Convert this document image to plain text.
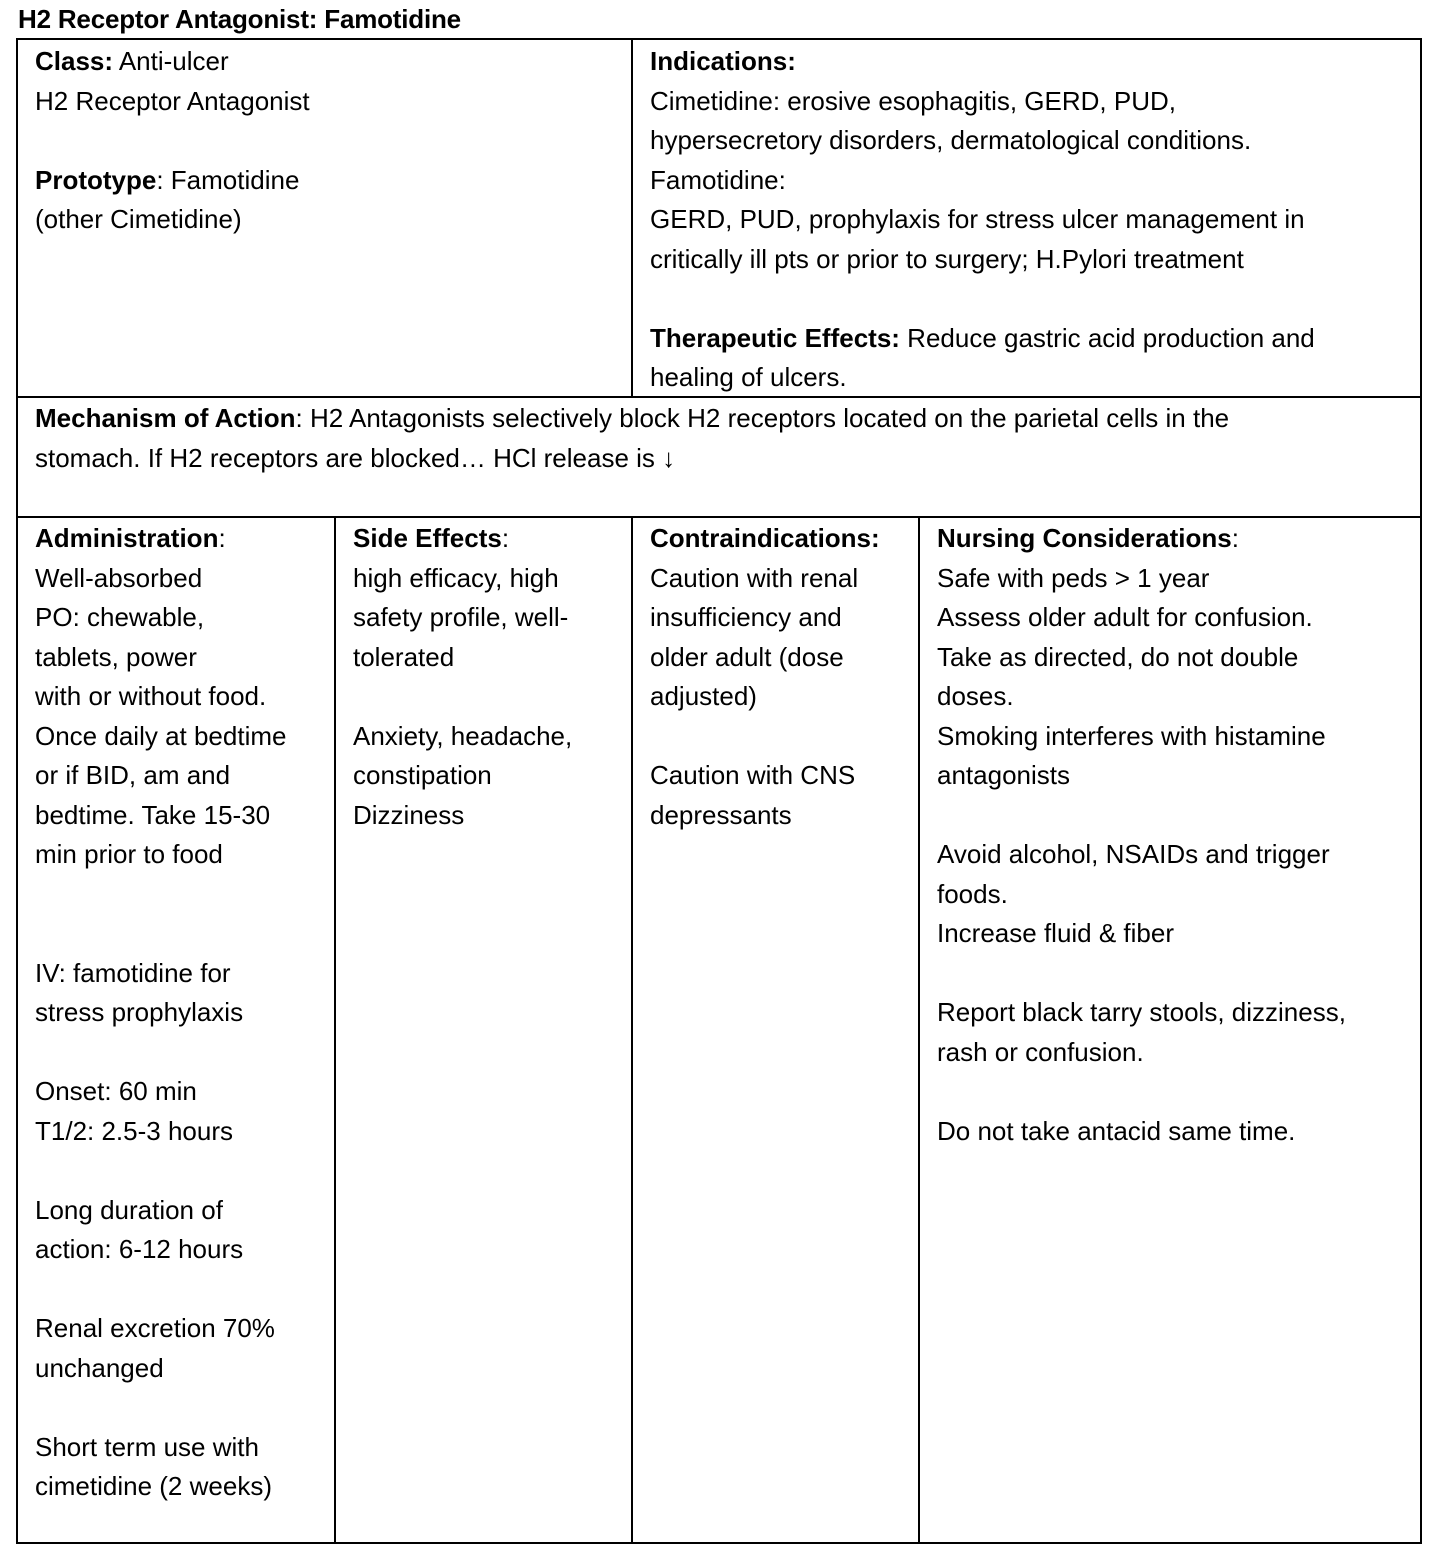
H2 Receptor Antagonist: Famotidine
Class: Anti-ulcer
H2 Receptor Antagonist
Prototype: Famotidine
(other Cimetidine)
Indications:
Cimetidine: erosive esophagitis, GERD, PUD,
hypersecretory disorders, dermatological conditions.
Famotidine:
GERD, PUD, prophylaxis for stress ulcer management in
critically ill pts or prior to surgery; H.Pylori treatment
Therapeutic Effects: Reduce gastric acid production and
healing of ulcers.
Mechanism of Action: H2 Antagonists selectively block H2 receptors located on the parietal cells in the
stomach. If H2 receptors are blocked… HCl release is ↓
Administration:
Well-absorbed
PO: chewable,
tablets, power
with or without food.
Once daily at bedtime
or if BID, am and
bedtime. Take 15-30
min prior to food
IV: famotidine for
stress prophylaxis
Onset: 60 min
T1/2: 2.5-3 hours
Long duration of
action: 6-12 hours
Renal excretion 70%
unchanged
Short term use with
cimetidine (2 weeks)
Side Effects:
high efficacy, high
safety profile, well-
tolerated
Anxiety, headache,
constipation
Dizziness
Contraindications:
Caution with renal
insufficiency and
older adult (dose
adjusted)
Caution with CNS
depressants
Nursing Considerations:
Safe with peds > 1 year
Assess older adult for confusion.
Take as directed, do not double
doses.
Smoking interferes with histamine
antagonists
Avoid alcohol, NSAIDs and trigger
foods.
Increase fluid & fiber
Report black tarry stools, dizziness,
rash or confusion.
Do not take antacid same time.
